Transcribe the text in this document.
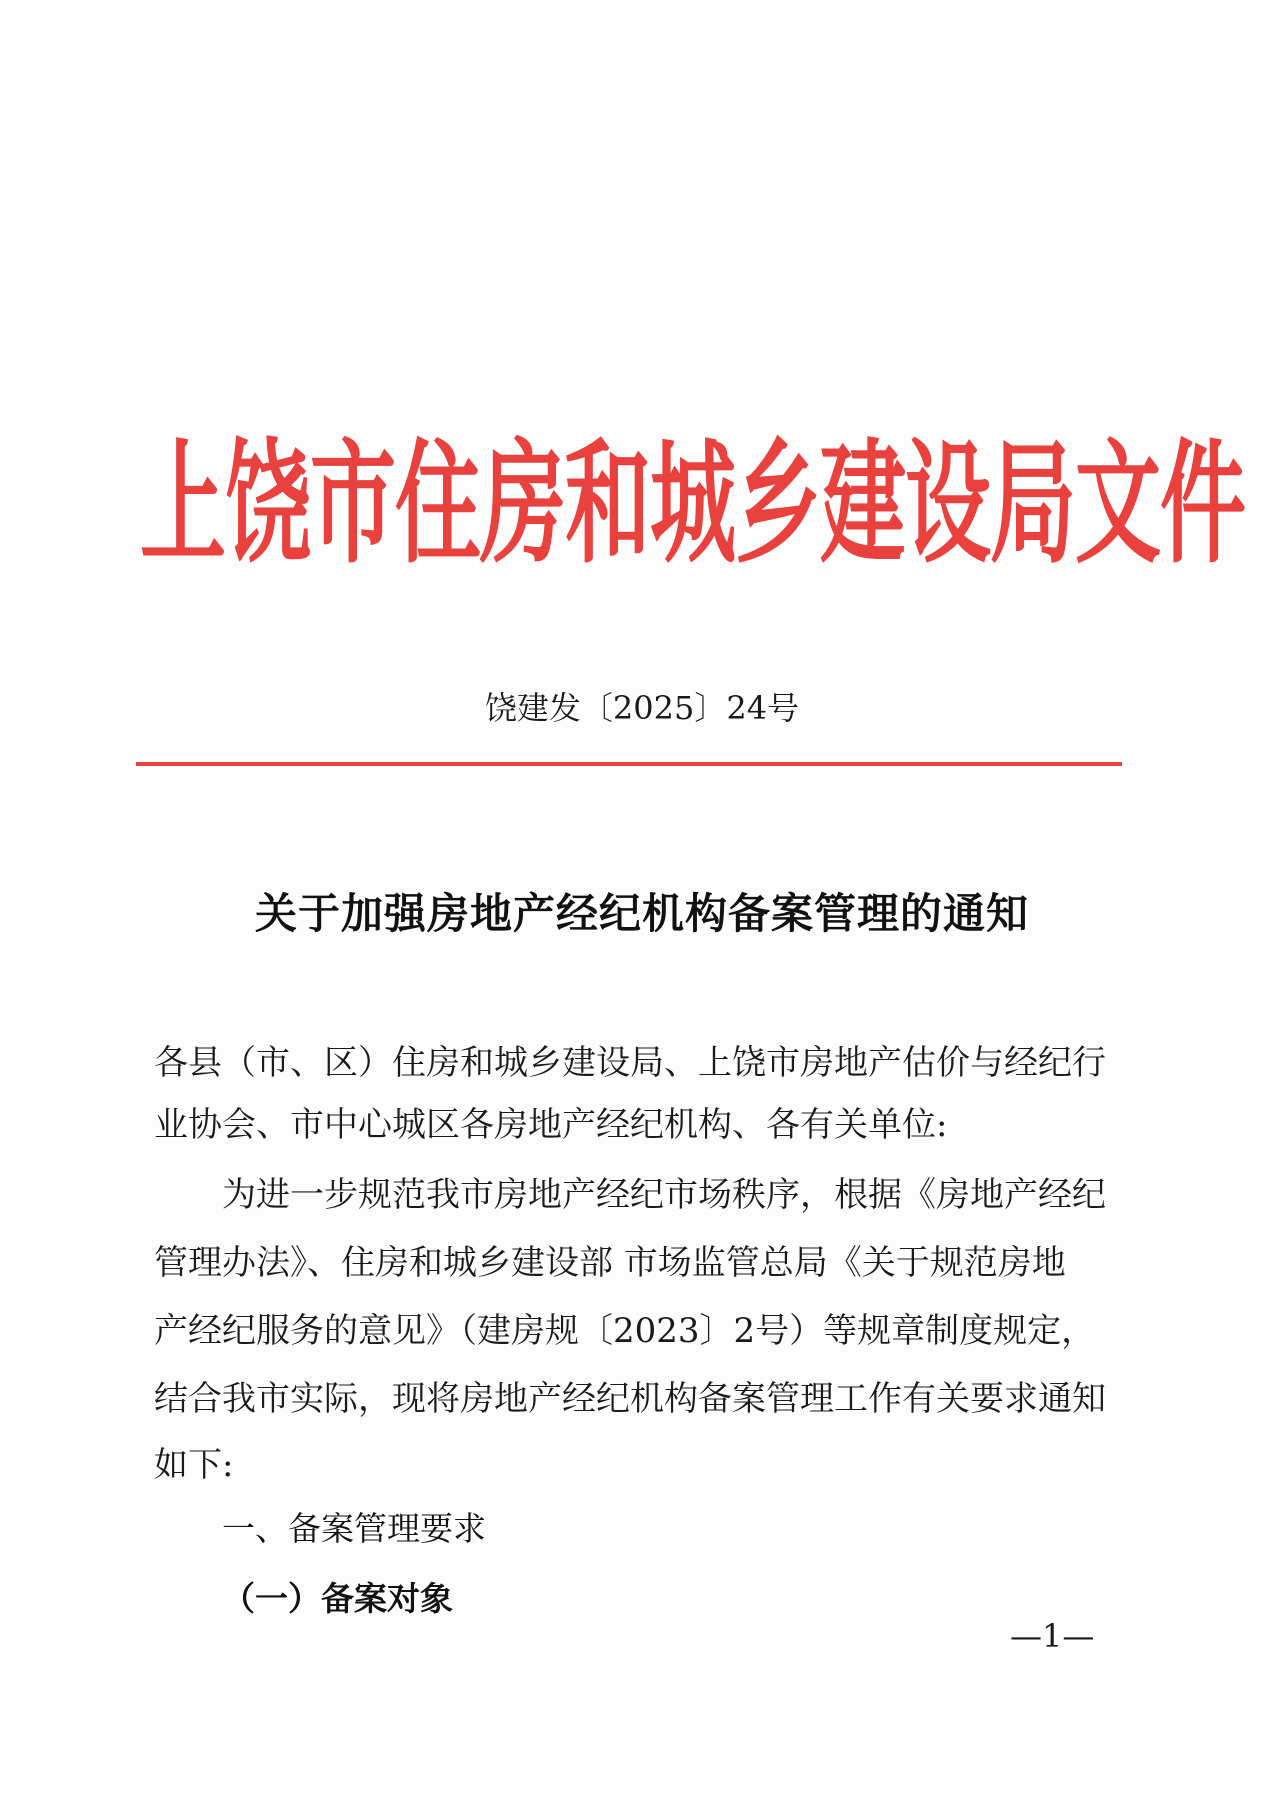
上饶市住房和城乡建设局文件
饶建发〔2025〕24号
关于加强房地产经纪机构备案管理的通知
各县（市、区）住房和城乡建设局、上饶市房地产估价与经纪行
业协会、市中心城区各房地产经纪机构、各有关单位:
为进一步规范我市房地产经纪市场秩序，根据《房地产经纪
管理办法》、住房和城乡建设部 市场监管总局《关于规范房地
产经纪服务的意见》（建房规〔2023〕2号）等规章制度规定，
结合我市实际，现将房地产经纪机构备案管理工作有关要求通知
如下:
一、备案管理要求
（一）备案对象
—1—
